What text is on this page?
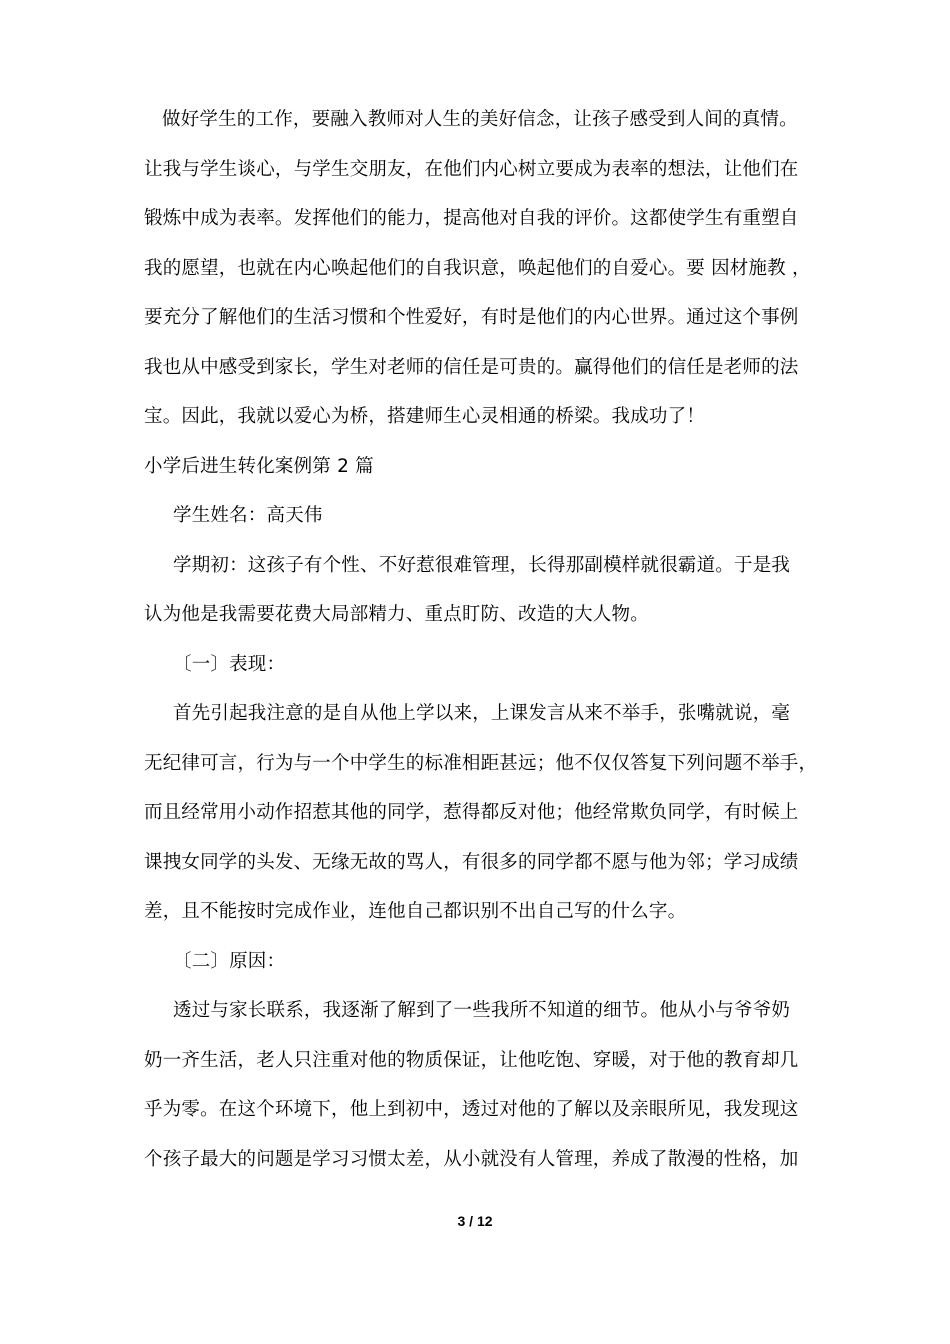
做好学生的工作，要融入教师对人生的美好信念，让孩子感受到人间的真情。

让我与学生谈心，与学生交朋友，在他们内心树立要成为表率的想法，让他们在

锻炼中成为表率。发挥他们的能力，提高他对自我的评价。这都使学生有重塑自

我的愿望，也就在内心唤起他们的自我识意，唤起他们的自爱心。要 因材施教 ，

要充分了解他们的生活习惯和个性爱好，有时是他们的内心世界。通过这个事例

我也从中感受到家长，学生对老师的信任是可贵的。赢得他们的信任是老师的法

宝。因此，我就以爱心为桥，搭建师生心灵相通的桥梁。我成功了！

小学后进生转化案例第 2 篇

学生姓名：高天伟

学期初：这孩子有个性、不好惹很难管理，长得那副模样就很霸道。于是我

认为他是我需要花费大局部精力、重点盯防、改造的大人物。

〔一〕表现：

首先引起我注意的是自从他上学以来，上课发言从来不举手，张嘴就说，毫

无纪律可言，行为与一个中学生的标准相距甚远；他不仅仅答复下列问题不举手，

而且经常用小动作招惹其他的同学，惹得都反对他；他经常欺负同学，有时候上

课拽女同学的头发、无缘无故的骂人，有很多的同学都不愿与他为邻；学习成绩

差，且不能按时完成作业，连他自己都识别不出自己写的什么字。

〔二〕原因：

透过与家长联系，我逐渐了解到了一些我所不知道的细节。他从小与爷爷奶

奶一齐生活，老人只注重对他的物质保证，让他吃饱、穿暖，对于他的教育却几

乎为零。在这个环境下，他上到初中，透过对他的了解以及亲眼所见，我发现这

个孩子最大的问题是学习习惯太差，从小就没有人管理，养成了散漫的性格，加

3 / 12
